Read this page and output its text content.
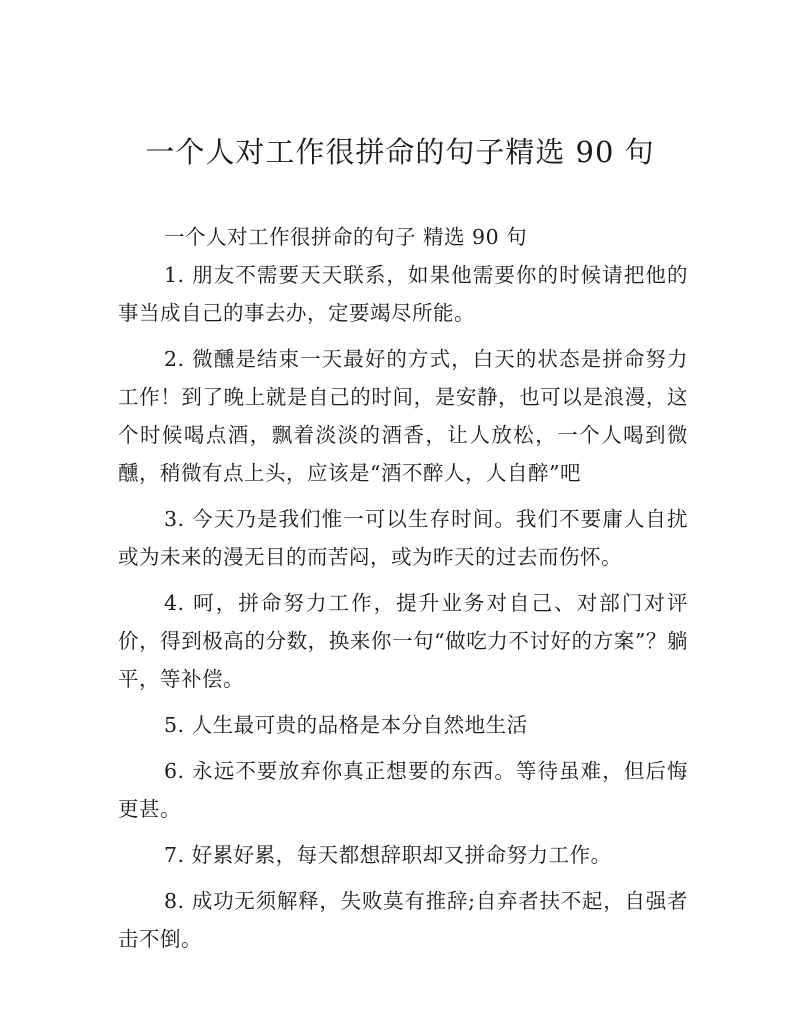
一个人对工作很拼命的句子精选 90 句

一个人对工作很拼命的句子 精选 90 句

1. 朋友不需要天天联系，如果他需要你的时候请把他的事当成自己的事去办，定要竭尽所能。

2. 微醺是结束一天最好的方式，白天的状态是拼命努力工作！到了晚上就是自己的时间，是安静，也可以是浪漫，这个时候喝点酒，飘着淡淡的酒香，让人放松，一个人喝到微醺，稍微有点上头，应该是“酒不醉人，人自醉”吧

3. 今天乃是我们惟一可以生存时间。我们不要庸人自扰或为未来的漫无目的而苦闷，或为昨天的过去而伤怀。

4. 呵，拼命努力工作，提升业务对自己、对部门对评价，得到极高的分数，换来你一句“做吃力不讨好的方案”？躺平，等补偿。

5. 人生最可贵的品格是本分自然地生活

6. 永远不要放弃你真正想要的东西。等待虽难，但后悔更甚。

7. 好累好累，每天都想辞职却又拼命努力工作。

8. 成功无须解释，失败莫有推辞;自弃者扶不起，自强者击不倒。
